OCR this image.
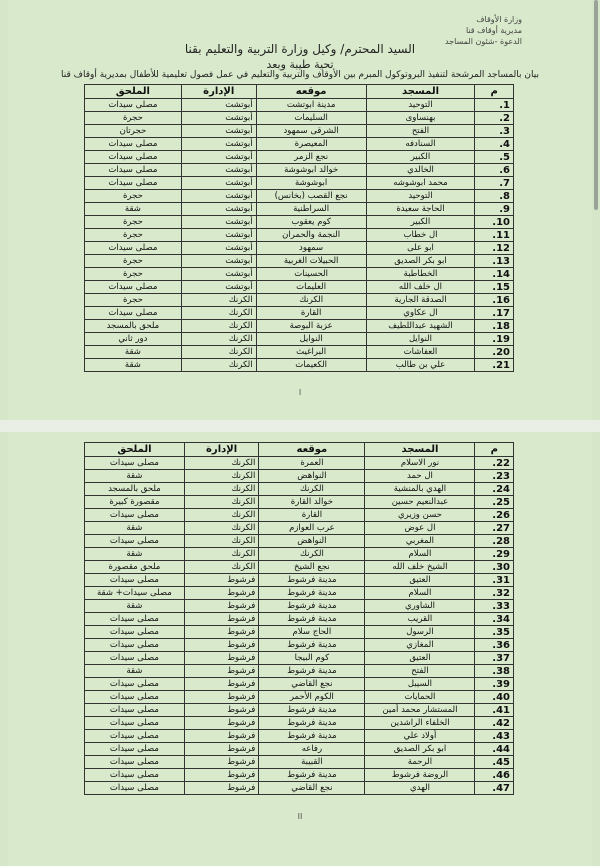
وزارة الأوقاف
مديرية أوقاف قنا
الدعوة -شئون المساجد
السيد المحترم/ وكيل وزارة التربية والتعليم بقنا
تحية طيبة وبعد
بيان بالمساجد المرشحة لتنفيذ البروتوكول المبرم بين الأوقاف والتربية والتعليم في عمل فصول تعليمية للأطفال بمديرية أوقاف قنا
م	المسجد	موقعه	الإدارة	الملحق
1.	التوحيد	مدينة ابوتشت	أبوتشت	مصلى سيدات
2.	بهنساوى	السليمات	أبوتشت	حجرة
3.	الفتح	الشرقى سمهود	أبوتشت	حجرتان
4.	السنادفه	المعيصرة	أبوتشت	مصلى سيدات
5.	الكبير	نجع الزمر	أبوتشت	مصلى سيدات
6.	الخالدي	خوالد ابوشوشة	أبوتشت	مصلى سيدات
7.	محمد ابوشوشه	ابوشوشة	أبوتشت	مصلى سيدات
8.	التوحيد	نجع القصب (بخانس)	أبوتشت	حجرة
9.	الحاجة سعيدة	السراطنية	أبوتشت	شقة
10.	الكبير	كوم يعقوب	أبوتشت	حجرة
11.	ال خطاب	النجمة والحمران	أبوتشت	حجرة
12.	ابو على	سمهود	أبوتشت	مصلى سيدات
13.	ابو بكر الصديق	الحبيلات الغربية	أبوتشت	حجرة
14.	الخطاطبة	الحسينات	أبوتشت	حجرة
15.	ال خلف الله	العليمات	أبوتشت	مصلى سيدات
16.	الصدقة الجارية	الكرنك	الكرنك	حجرة
17.	ال عكاوي	القارة	الكرنك	مصلى سيدات
18.	الشهيد عبداللطيف	عزبة البوصة	الكرنك	ملحق بالمسجد
19.	النوايل	النوايل	الكرنك	دور ثاني
20.	العفاشات	البراغيث	الكرنك	شقة
21.	علي بن طالب	الكعيمات	الكرنك	شقة
I
م	المسجد	موقعه	الإدارة	الملحق
22.	نور الاسلام	العمرة	الكرنك	مصلى سيدات
23.	ال حمد	النواهض	الكرنك	شقة
24.	الهدي بالمنشية	الكرنك	الكرنك	ملحق بالمسجد
25.	عبدالنعيم حسين	خوالد القارة	الكرنك	مقصورة كبيرة
26.	حسن وزيري	القارة	الكرنك	مصلى سيدات
27.	ال عوض	عرب العوازم	الكرنك	شقة
28.	المغربي	النواهض	الكرنك	مصلى سيدات
29.	السلام	الكرنك	الكرنك	شقة
30.	الشيخ خلف الله	نجع الشيخ	الكرنك	ملحق مقصورة
31.	العتيق	مدينة فرشوط	فرشوط	مصلى سيدات
32.	السلام	مدينة فرشوط	فرشوط	مصلى سيدات+ شقة
33.	الشاوري	مدينة فرشوط	فرشوط	شقة
34.	القريب	مدينة فرشوط	فرشوط	مصلى سيدات
35.	الرسول	الحاج سلام	فرشوط	مصلى سيدات
36.	المغازي	مدينة فرشوط	فرشوط	مصلى سيدات
37.	العتيق	كوم البيجا	فرشوط	مصلى سيدات
38.	الفتح	مدينة فرشوط	فرشوط	شقة
39.	السيبل	نجع القاضي	فرشوط	مصلى سيدات
40.	الحمايات	الكوم الأحمر	فرشوط	مصلى سيدات
41.	المستشار محمد أمين	مدينة فرشوط	فرشوط	مصلى سيدات
42.	الخلفاء الراشدين	مدينة فرشوط	فرشوط	مصلى سيدات
43.	أولاد علي	مدينة فرشوط	فرشوط	مصلى سيدات
44.	ابو بكر الصديق	رفاعه	فرشوط	مصلى سيدات
45.	الرحمة	القبيبة	فرشوط	مصلى سيدات
46.	الروضة فرشوط	مدينة فرشوط	فرشوط	مصلى سيدات
47.	الهدي	نجع القاضي	فرشوط	مصلى سيدات
II
